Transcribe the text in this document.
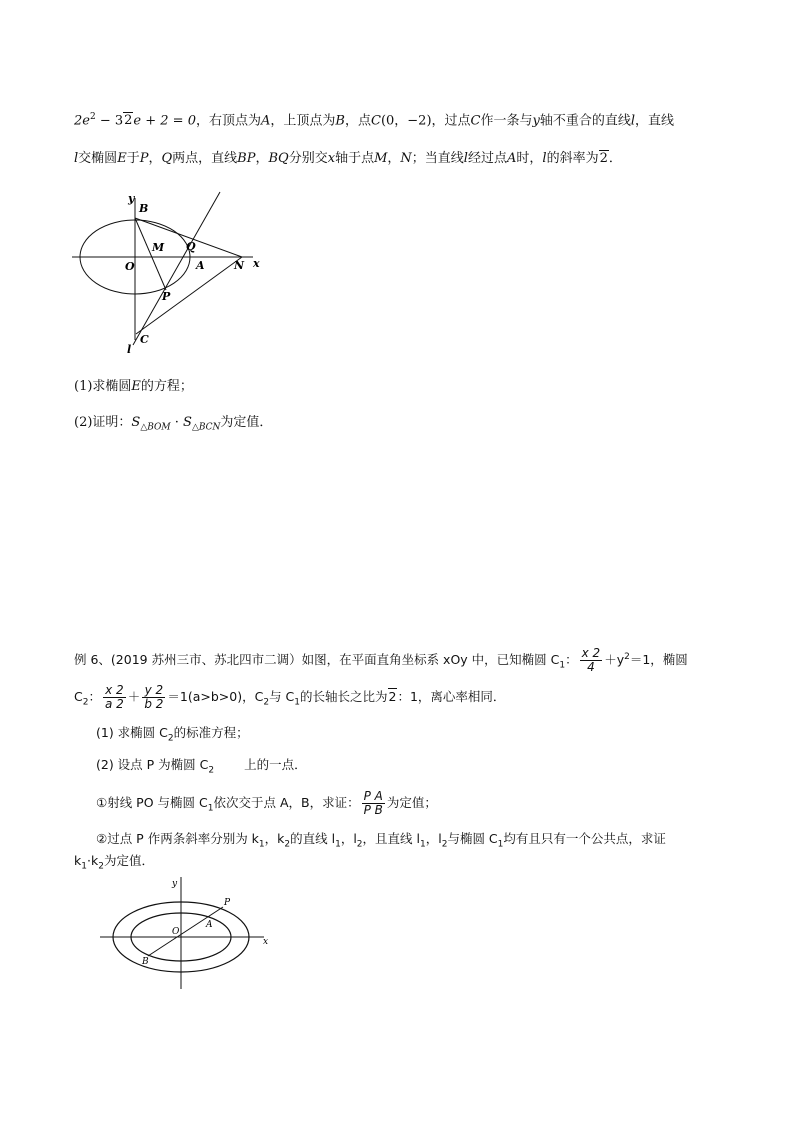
$2e^2 - 32e + 2 = 0$，右顶点为A，上顶点为B，点C(0，−2)，过点C作一条与y轴不重合的直线l，直线
l交椭圆E于P，Q两点，直线BP，BQ分别交x轴于点M，N；当直线l经过点A时，l的斜率为2．
y
x
B
M Q
O	A	N
P
l
C
(1)求椭圆E的方程；
(2)证明：$S_{\triangle BOM} \cdot S_{\triangle BCN}$为定值．
例 6、(2019 苏州三市、苏北四市二调）如图，在平面直角坐标系 xOy 中，已知椭圆 $C_1$： $\frac{x 2}{4} +y^2=1$，椭圆
$C_2$： $\frac{x 2}{a 2} + \frac{y 2}{b 2} =1(a>b>0)$，$C_2$与 $C_1$的长轴长之比为2：1，离心率相同．
(1) 求椭圆 $C_2$的标准方程；
(2) 设点 P 为椭圆 $C_2$ 上的一点．
①射线 PO 与椭圆 $C_1$依次交于点 A，B，求证： $\frac{\text{P A}}{\text{P B}}$ 为定值；
②过点 P 作两条斜率分别为 $k_1$，$k_2$的直线 $l_1$，$l_2$，且直线 $l_1$，$l_2$与椭圆 $C_1$均有且只有一个公共点，求证
$k_1\cdot k_2$为定值．
y
x
P
O
A
B
